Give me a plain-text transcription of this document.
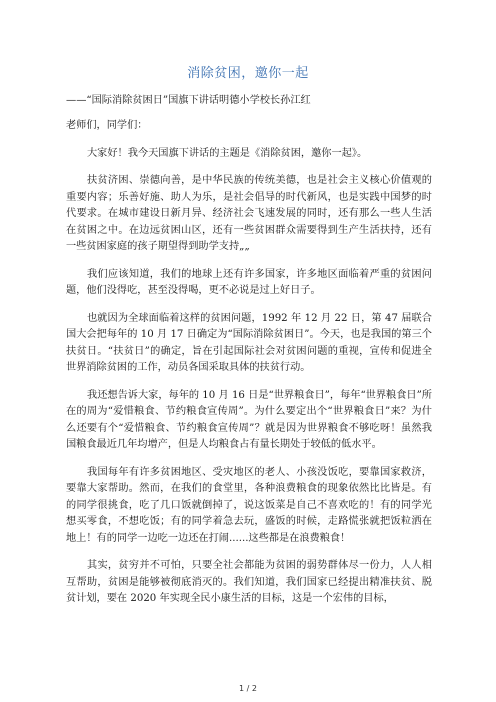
消除贫困，邀你一起
——“国际消除贫困日”国旗下讲话明德小学校长孙江红

老师们，同学们：

大家好！我今天国旗下讲话的主题是《消除贫困，邀你一起》。

扶贫济困、崇德向善，是中华民族的传统美德，也是社会主义核心价值观的重要内容；乐善好施、助人为乐，是社会倡导的时代新风，也是实践中国梦的时代要求。在城市建设日新月异、经济社会飞速发展的同时，还有那么一些人生活在贫困之中。在边远贫困山区，还有一些贫困群众需要得到生产生活扶持，还有一些贫困家庭的孩子期望得到助学支持„„

我们应该知道，我们的地球上还有许多国家，许多地区面临着严重的贫困问题，他们没得吃，甚至没得喝，更不必说是过上好日子。

也就因为全球面临着这样的贫困问题，1992 年 12 月 22 日，第 47 届联合国大会把每年的 10 月 17 日确定为“国际消除贫困日”。今天，也是我国的第三个扶贫日。“扶贫日”的确定，旨在引起国际社会对贫困问题的重视，宣传和促进全世界消除贫困的工作，动员各国采取具体的扶贫行动。

我还想告诉大家，每年的 10 月 16 日是“世界粮食日”，每年“世界粮食日”所在的周为“爱惜粮食、节约粮食宣传周”。为什么要定出个“世界粮食日”来？为什么还要有个“爱惜粮食、节约粮食宣传周”？就是因为世界粮食不够吃呀！虽然我国粮食最近几年均增产，但是人均粮食占有量长期处于较低的低水平。

我国每年有许多贫困地区、受灾地区的老人、小孩没饭吃，要靠国家救济，要靠大家帮助。然而，在我们的食堂里，各种浪费粮食的现象依然比比皆是。有的同学很挑食，吃了几口饭就倒掉了，说这饭菜是自己不喜欢吃的！有的同学光想买零食，不想吃饭；有的同学着急去玩，盛饭的时候，走路慌张就把饭粒洒在地上！有的同学一边吃一边还在打闹......这些都是在浪费粮食！

其实，贫穷并不可怕，只要全社会都能为贫困的弱势群体尽一份力，人人相互帮助，贫困是能够被彻底消灭的。我们知道，我们国家已经提出精准扶贫、脱贫计划，要在 2020 年实现全民小康生活的目标，这是一个宏伟的目标，

1 / 2
